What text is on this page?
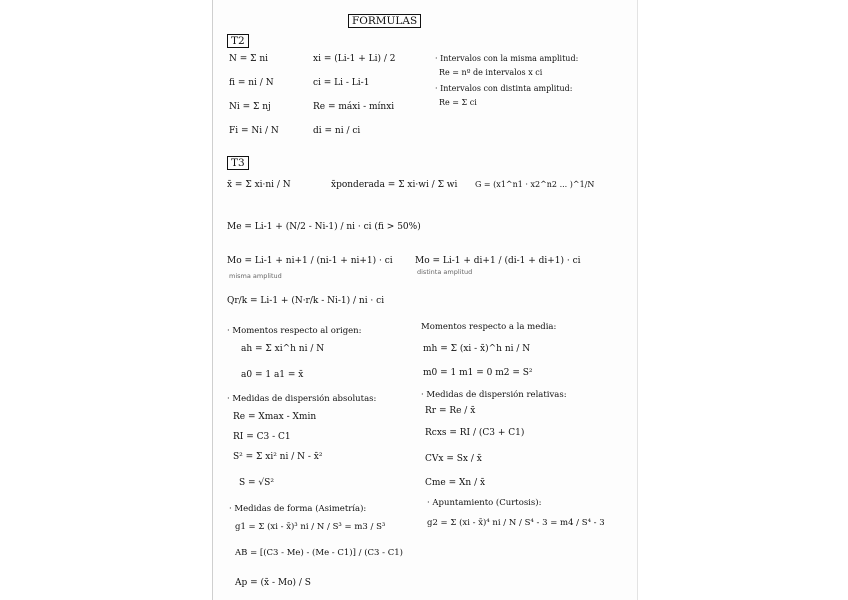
FORMULAS
T2
N = Σ ni
fi = ni / N
Ni = Σ nj
Fi = Ni / N
xi = (Li-1 + Li) / 2
ci = Li - Li-1
Re = máxi - mínxi
di = ni / ci
· Intervalos con la misma amplitud:
Re = nº de intervalos x ci
· Intervalos con distinta amplitud:
Re = Σ ci
T3
x̄ = Σ xi·ni / N	x̄ponderada = Σ xi·wi / Σ wi G = (x1^n1 · x2^n2 ... )^1/N
Me = Li-1 + (N/2 - Ni-1) / ni · ci (fi > 50%)
Mo = Li-1 + ni+1 / (ni-1 + ni+1) · ci
misma amplitud
Mo = Li-1 + di+1 / (di-1 + di+1) · ci
distinta amplitud
Qr/k = Li-1 + (N·r/k - Ni-1) / ni · ci
· Momentos respecto al origen:
ah = Σ xi^h ni / N
a0 = 1 a1 = x̄
Momentos respecto a la media:
mh = Σ (xi - x̄)^h ni / N
m0 = 1 m1 = 0 m2 = S²
· Medidas de dispersión absolutas:
Re = Xmax - Xmin
RI = C3 - C1
S² = Σ xi² ni / N - x̄²
S = √S²
· Medidas de dispersión relativas:
Rr = Re / x̄
Rcxs = RI / (C3 + C1)
CVx = Sx / x̄
Cme = Xn / x̄
· Medidas de forma (Asimetría):
g1 = Σ (xi - x̄)³ ni / N / S³ = m3 / S³
AB = [(C3 - Me) - (Me - C1)] / (C3 - C1)
Ap = (x̄ - Mo) / S
· Apuntamiento (Curtosis):
g2 = Σ (xi - x̄)⁴ ni / N / S⁴ - 3 = m4 / S⁴ - 3
